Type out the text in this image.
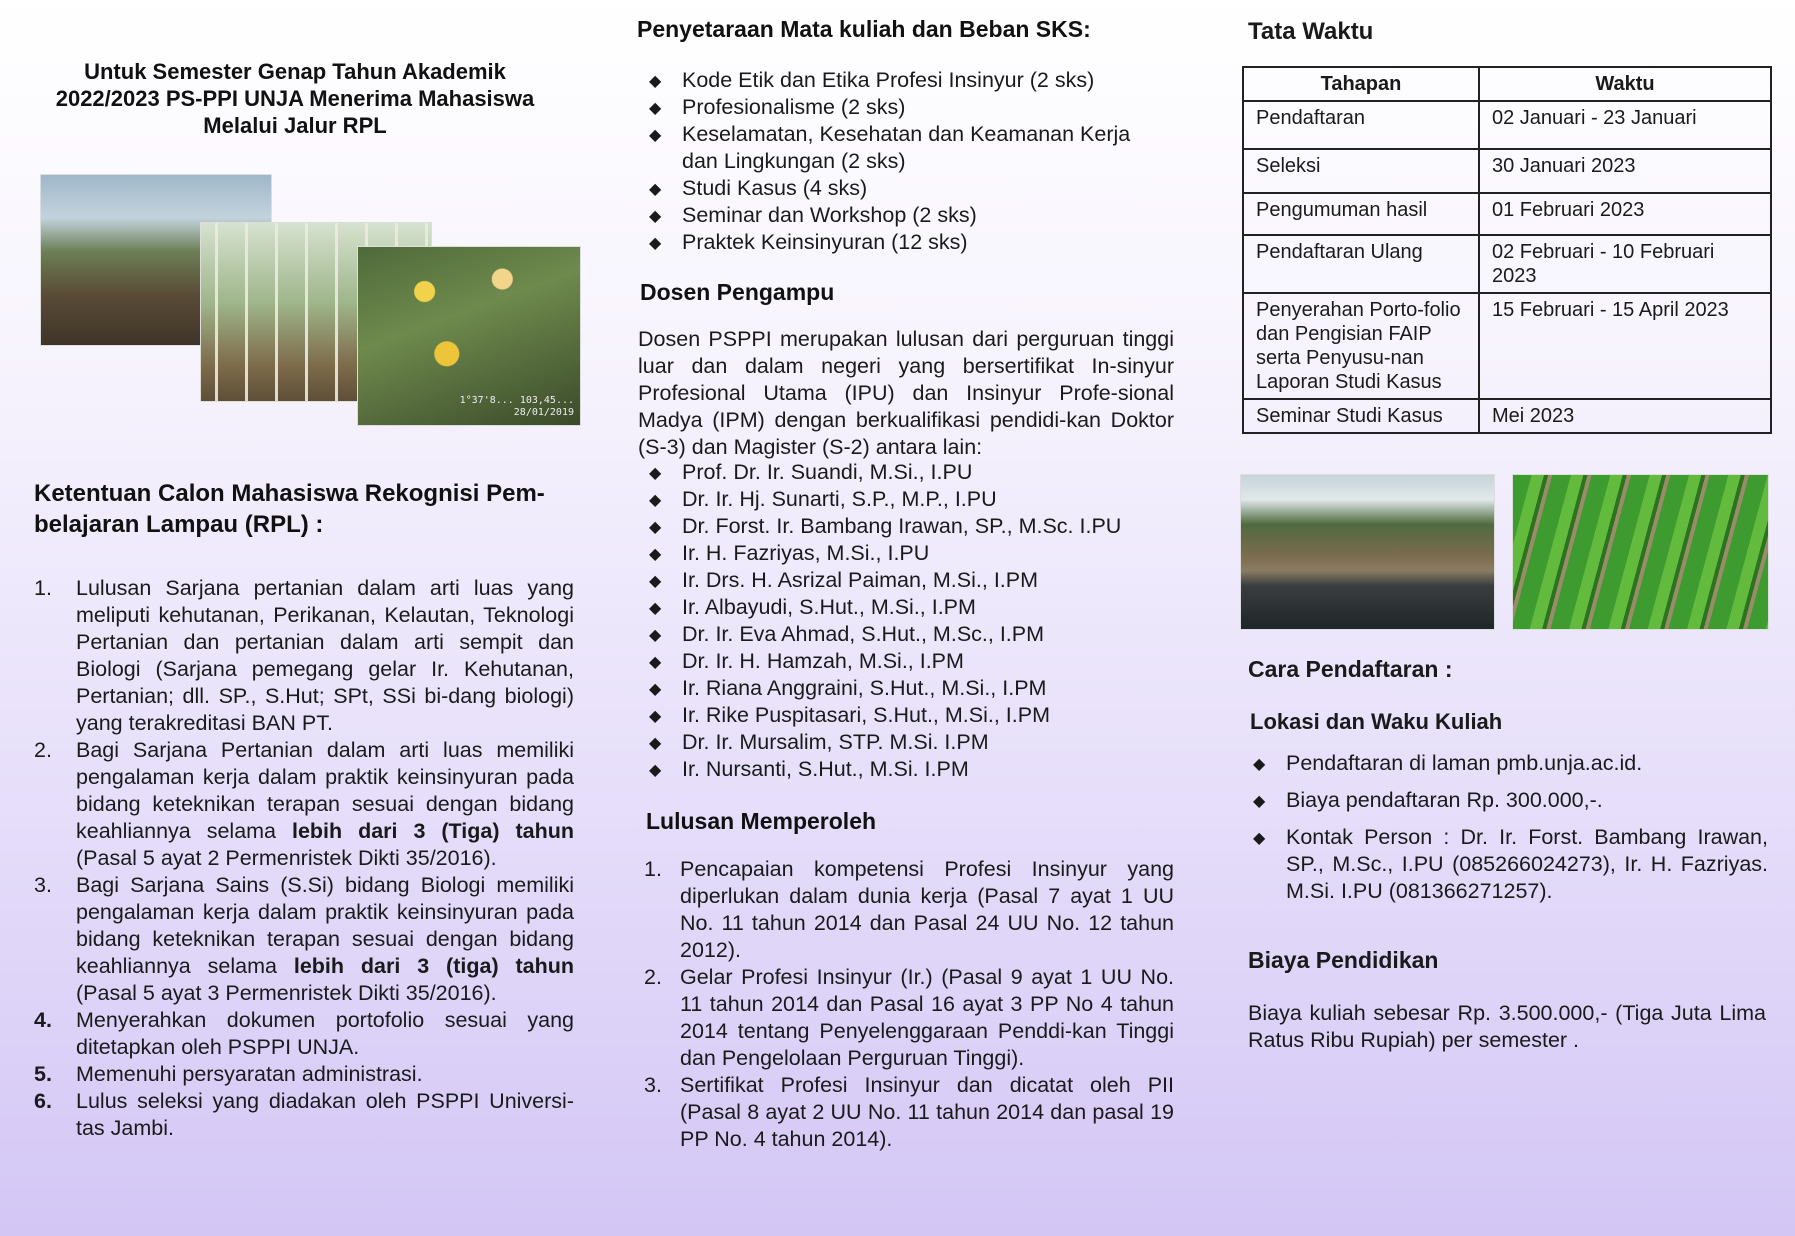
Untuk Semester Genap Tahun Akademik
2022/2023 PS-PPI UNJA Menerima Mahasiswa
Melalui Jalur RPL
1°37'8... 103,45...
28/01/2019
Ketentuan Calon Mahasiswa Rekognisi Pem-
belajaran Lampau (RPL) :
1. Lulusan Sarjana pertanian dalam arti luas yang meliputi kehutanan, Perikanan, Kelautan, Teknologi Pertanian dan pertanian dalam arti sempit dan Biologi (Sarjana pemegang gelar Ir. Kehutanan, Pertanian; dll. SP., S.Hut; SPt, SSi bi-dang biologi) yang terakreditasi BAN PT.
2. Bagi Sarjana Pertanian dalam arti luas memiliki pengalaman kerja dalam praktik keinsinyuran pada bidang keteknikan terapan sesuai dengan bidang keahliannya selama lebih dari 3 (Tiga) tahun (Pasal 5 ayat 2 Permenristek Dikti 35/2016).
3. Bagi Sarjana Sains (S.Si) bidang Biologi memiliki pengalaman kerja dalam praktik keinsinyuran pada bidang keteknikan terapan sesuai dengan bidang keahliannya selama lebih dari 3 (tiga) tahun (Pasal 5 ayat 3 Permenristek Dikti 35/2016).
4. Menyerahkan dokumen portofolio sesuai yang ditetapkan oleh PSPPI UNJA.
5. Memenuhi persyaratan administrasi.
6. Lulus seleksi yang diadakan oleh PSPPI Universi-tas Jambi.
Penyetaraan Mata kuliah dan Beban SKS:
◆ Kode Etik dan Etika Profesi Insinyur (2 sks)
◆ Profesionalisme (2 sks)
◆ Keselamatan, Kesehatan dan Keamanan Kerja dan Lingkungan (2 sks)
◆ Studi Kasus (4 sks)
◆ Seminar dan Workshop (2 sks)
◆ Praktek Keinsinyuran (12 sks)
Dosen Pengampu
Dosen PSPPI merupakan lulusan dari perguruan tinggi luar dan dalam negeri yang bersertifikat In-sinyur Profesional Utama (IPU) dan Insinyur Profe-sional Madya (IPM) dengan berkualifikasi pendidi-kan Doktor (S-3) dan Magister (S-2) antara lain:
◆ Prof. Dr. Ir. Suandi, M.Si., I.PU
◆ Dr. Ir. Hj. Sunarti, S.P., M.P., I.PU
◆ Dr. Forst. Ir. Bambang Irawan, SP., M.Sc. I.PU
◆ Ir. H. Fazriyas, M.Si., I.PU
◆ Ir. Drs. H. Asrizal Paiman, M.Si., I.PM
◆ Ir. Albayudi, S.Hut., M.Si., I.PM
◆ Dr. Ir. Eva Ahmad, S.Hut., M.Sc., I.PM
◆ Dr. Ir. H. Hamzah, M.Si., I.PM
◆ Ir. Riana Anggraini, S.Hut., M.Si., I.PM
◆ Ir. Rike Puspitasari, S.Hut., M.Si., I.PM
◆ Dr. Ir. Mursalim, STP. M.Si. I.PM
◆ Ir. Nursanti, S.Hut., M.Si. I.PM
Lulusan Memperoleh
1. Pencapaian kompetensi Profesi Insinyur yang diperlukan dalam dunia kerja (Pasal 7 ayat 1 UU No. 11 tahun 2014 dan Pasal 24 UU No. 12 tahun 2012).
2. Gelar Profesi Insinyur (Ir.) (Pasal 9 ayat 1 UU No. 11 tahun 2014 dan Pasal 16 ayat 3 PP No 4 tahun 2014 tentang Penyelenggaraan Penddi-kan Tinggi dan Pengelolaan Perguruan Tinggi).
3. Sertifikat Profesi Insinyur dan dicatat oleh PII (Pasal 8 ayat 2 UU No. 11 tahun 2014 dan pasal 19 PP No. 4 tahun 2014).
Tata Waktu
Tahapan	Waktu
Pendaftaran	02 Januari - 23 Januari
Seleksi	30 Januari 2023
Pengumuman hasil	01 Februari 2023
Pendaftaran Ulang	02 Februari - 10 Februari 2023
Penyerahan Porto-folio dan Pengisian FAIP serta Penyusu-nan Laporan Studi Kasus	15 Februari - 15 April 2023
Seminar Studi Kasus	Mei 2023
Cara Pendaftaran :
Lokasi dan Waku Kuliah
◆ Pendaftaran di laman pmb.unja.ac.id.
◆ Biaya pendaftaran Rp. 300.000,-.
◆ Kontak Person : Dr. Ir. Forst. Bambang Irawan, SP., M.Sc., I.PU (085266024273), Ir. H. Fazriyas. M.Si. I.PU (081366271257).
Biaya Pendidikan
Biaya kuliah sebesar Rp. 3.500.000,- (Tiga Juta Lima Ratus Ribu Rupiah) per semester .
